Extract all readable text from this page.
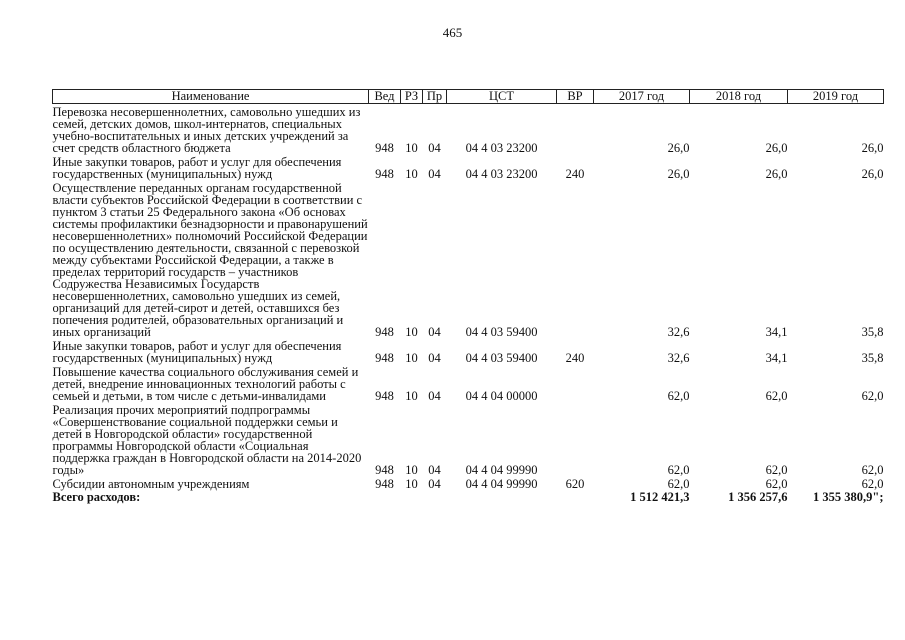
465
Наименование	Вед	РЗ	Пр	ЦСТ	ВР	2017 год	2018 год	2019 год
Перевозка несовершеннолетних, самовольно ушедших из семей, детских домов, школ-интернатов, специальных учебно-воспитательных и иных детских учреждений за счет средств областного бюджета	948	10	04	04 4 03 23200		26,0	26,0	26,0
Иные закупки товаров, работ и услуг для обеспечения государственных (муниципальных) нужд	948	10	04	04 4 03 23200	240	26,0	26,0	26,0
Осуществление переданных органам государственной власти субъектов Российской Федерации в соответствии с пунктом 3 статьи 25 Федерального закона «Об основах системы профилактики безнадзорности и правонарушений несовершеннолетних» полномочий Российской Федерации по осуществлению деятельности, связанной с перевозкой между субъектами Российской Федерации, а также в пределах территорий государств – участников Содружества Независимых Государств несовершеннолетних, самовольно ушедших из семей, организаций для детей-сирот и детей, оставшихся без попечения родителей, образовательных организаций и иных организаций	948	10	04	04 4 03 59400		32,6	34,1	35,8
Иные закупки товаров, работ и услуг для обеспечения государственных (муниципальных) нужд	948	10	04	04 4 03 59400	240	32,6	34,1	35,8
Повышение качества социального обслуживания семей и детей, внедрение инновационных технологий работы с семьей и детьми, в том числе с детьми-инвалидами	948	10	04	04 4 04 00000		62,0	62,0	62,0
Реализация прочих мероприятий подпрограммы «Совершенствование социальной поддержки семьи и детей в Новгородской области» государственной программы Новгородской области «Социальная поддержка граждан в Новгородской области на 2014-2020 годы»	948	10	04	04 4 04 99990		62,0	62,0	62,0
Субсидии автономным учреждениям	948	10	04	04 4 04 99990	620	62,0	62,0	62,0
Всего расходов:						1 512 421,3	1 356 257,6	1 355 380,9";
